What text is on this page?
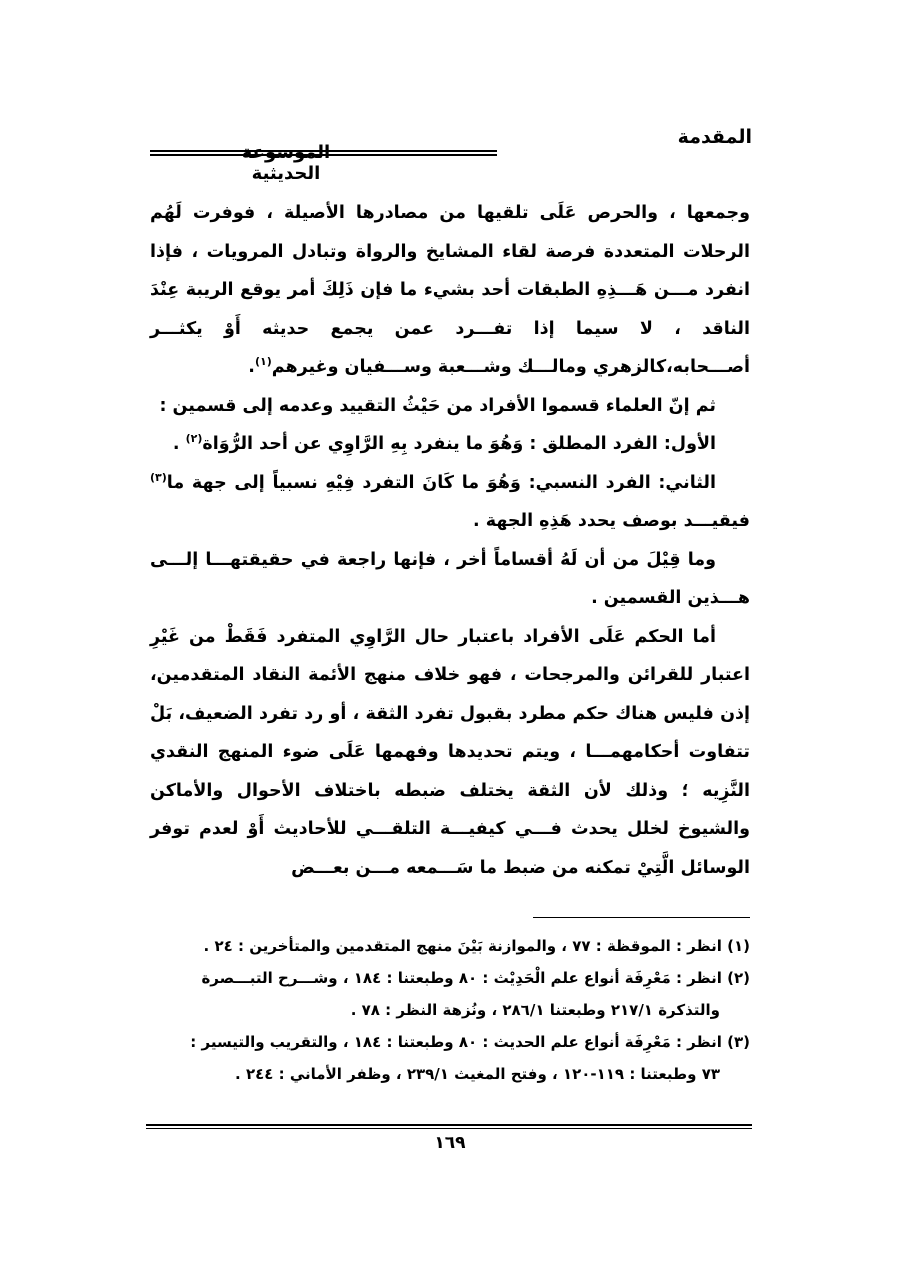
المقدمة
الموسوعة الحديثية

وجمعها ، والحرص عَلَى تلقيها من مصادرها الأصيلة ، فوفرت لَهُم الرحلات المتعددة فرصة لقاء المشايخ والرواة وتبادل المرويات ، فإذا انفرد مـــن هَـــذِهِ الطبقات أحد بشيء ما فإن ذَلِكَ أمر يوقع الريبة عِنْدَ الناقد ، لا سيما إذا تفـــرد عمن يجمع حديثه أَوْ يكثـــر أصـــحابه،كالزهري ومالـــك وشـــعبة وســـفيان وغيرهم$^{(١)}$.

ثم إنّ العلماء قسموا الأفراد من حَيْثُ التقييد وعدمه إلى قسمين :

الأول: الفرد المطلق : وَهُوَ ما ينفرد بِهِ الرَّاوِي عن أحد الرُّوَاة$^{(٢)}$ .

الثاني: الفرد النسبي: وَهُوَ ما كَانَ التفرد فِيْهِ نسبياً إلى جهة ما$^{(٣)}$ فيقيـــد بوصف يحدد هَذِهِ الجهة .

وما قِيْلَ من أن لَهُ أقساماً أخر ، فإنها راجعة في حقيقتهـــا إلـــى هـــذين القسمين .

أما الحكم عَلَى الأفراد باعتبار حال الرَّاوِي المتفرد فَقَطْ من غَيْرِ اعتبار للقرائن والمرجحات ، فهو خلاف منهج الأئمة النقاد المتقدمين، إذن فليس هناك حكم مطرد بقبول تفرد الثقة ، أو رد تفرد الضعيف، بَلْ تتفاوت أحكامهمـــا ، ويتم تحديدها وفهمها عَلَى ضوء المنهج النقدي النَّزِيه ؛ وذلك لأن الثقة يختلف ضبطه باختلاف الأحوال والأماكن والشيوخ لخلل يحدث فـــي كيفيـــة التلقـــي للأحاديث أَوْ لعدم توفر الوسائل الَّتِيْ تمكنه من ضبط ما سَـــمعه مـــن بعـــض

(١) انظر : الموقظة : ٧٧ ، والموازنة بَيْنَ منهج المتقدمين والمتأخرين : ٢٤ .

(٢) انظر : مَعْرِفَة أنواع علم الْحَدِيْث : ٨٠ وطبعتنا : ١٨٤ ، وشـــرح التبـــصرة
والتذكرة ٢١٧/١ وطبعتنا ٢٨٦/١ ، ونُزهة النظر : ٧٨ .

(٣) انظر : مَعْرِفَة أنواع علم الحديث : ٨٠ وطبعتنا : ١٨٤ ، والتقريب والتيسير :
٧٣ وطبعتنا : ١١٩-١٢٠ ، وفتح المغيث ٢٣٩/١ ، وظفر الأماني : ٢٤٤ .

١٦٩
